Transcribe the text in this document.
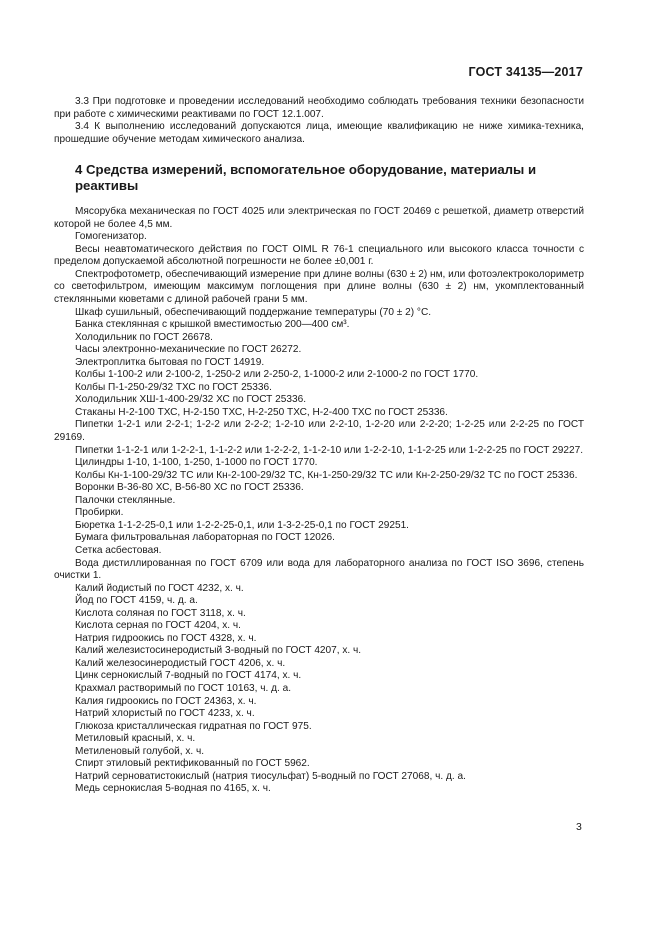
ГОСТ 34135—2017

3.3 При подготовке и проведении исследований необходимо соблюдать требования техники безопасности при работе с химическими реактивами по ГОСТ 12.1.007.

3.4 К выполнению исследований допускаются лица, имеющие квалификацию не ниже химика-техника, прошедшие обучение методам химического анализа.

4 Средства измерений, вспомогательное оборудование, материалы и реактивы

Мясорубка механическая по ГОСТ 4025 или электрическая по ГОСТ 20469 с решеткой, диаметр отверстий которой не более 4,5 мм.

Гомогенизатор.

Весы неавтоматического действия по ГОСТ OIML R 76-1 специального или высокого класса точности с пределом допускаемой абсолютной погрешности не более ±0,001 г.

Спектрофотометр, обеспечивающий измерение при длине волны (630 ± 2) нм, или фотоэлектроколориметр со светофильтром, имеющим максимум поглощения при длине волны (630 ± 2) нм, укомплектованный стеклянными кюветами с длиной рабочей грани 5 мм.

Шкаф сушильный, обеспечивающий поддержание температуры (70 ± 2) °С.

Банка стеклянная с крышкой вместимостью 200—400 см³.

Холодильник по ГОСТ 26678.

Часы электронно-механические по ГОСТ 26272.

Электроплитка бытовая по ГОСТ 14919.

Колбы 1-100-2 или 2-100-2, 1-250-2 или 2-250-2, 1-1000-2 или 2-1000-2 по ГОСТ 1770.

Колбы П-1-250-29/32 ТХС по ГОСТ 25336.

Холодильник ХШ-1-400-29/32 ХС по ГОСТ 25336.

Стаканы Н-2-100 ТХС, Н-2-150 ТХС, Н-2-250 ТХС, Н-2-400 ТХС по ГОСТ 25336.

Пипетки 1-2-1 или 2-2-1; 1-2-2 или 2-2-2; 1-2-10 или 2-2-10, 1-2-20 или 2-2-20; 1-2-25 или 2-2-25 по ГОСТ 29169.

Пипетки 1-1-2-1 или 1-2-2-1, 1-1-2-2 или 1-2-2-2, 1-1-2-10 или 1-2-2-10, 1-1-2-25 или 1-2-2-25 по ГОСТ 29227.

Цилиндры 1-10, 1-100, 1-250, 1-1000 по ГОСТ 1770.

Колбы Кн-1-100-29/32 ТС или Кн-2-100-29/32 ТС, Кн-1-250-29/32 ТС или Кн-2-250-29/32 ТС по ГОСТ 25336.

Воронки В-36-80 ХС, В-56-80 ХС по ГОСТ 25336.

Палочки стеклянные.

Пробирки.

Бюретка 1-1-2-25-0,1 или 1-2-2-25-0,1, или 1-3-2-25-0,1 по ГОСТ 29251.

Бумага фильтровальная лабораторная по ГОСТ 12026.

Сетка асбестовая.

Вода дистиллированная по ГОСТ 6709 или вода для лабораторного анализа по ГОСТ ISO 3696, степень очистки 1.

Калий йодистый по ГОСТ 4232, х. ч.

Йод по ГОСТ 4159, ч. д. а.

Кислота соляная по ГОСТ 3118, х. ч.

Кислота серная по ГОСТ 4204, х. ч.

Натрия гидроокись по ГОСТ 4328, х. ч.

Калий железистосинеродистый 3-водный по ГОСТ 4207, х. ч.

Калий железосинеродистый ГОСТ 4206, х. ч.

Цинк сернокислый 7-водный по ГОСТ 4174, х. ч.

Крахмал растворимый по ГОСТ 10163, ч. д. а.

Калия гидроокись по ГОСТ 24363, х. ч.

Натрий хлористый по ГОСТ 4233, х. ч.

Глюкоза кристаллическая гидратная по ГОСТ 975.

Метиловый красный, х. ч.

Метиленовый голубой, х. ч.

Спирт этиловый ректификованный по ГОСТ 5962.

Натрий серноватистокислый (натрия тиосульфат) 5-водный по ГОСТ 27068, ч. д. а.

Медь сернокислая 5-водная по 4165, х. ч.

3
